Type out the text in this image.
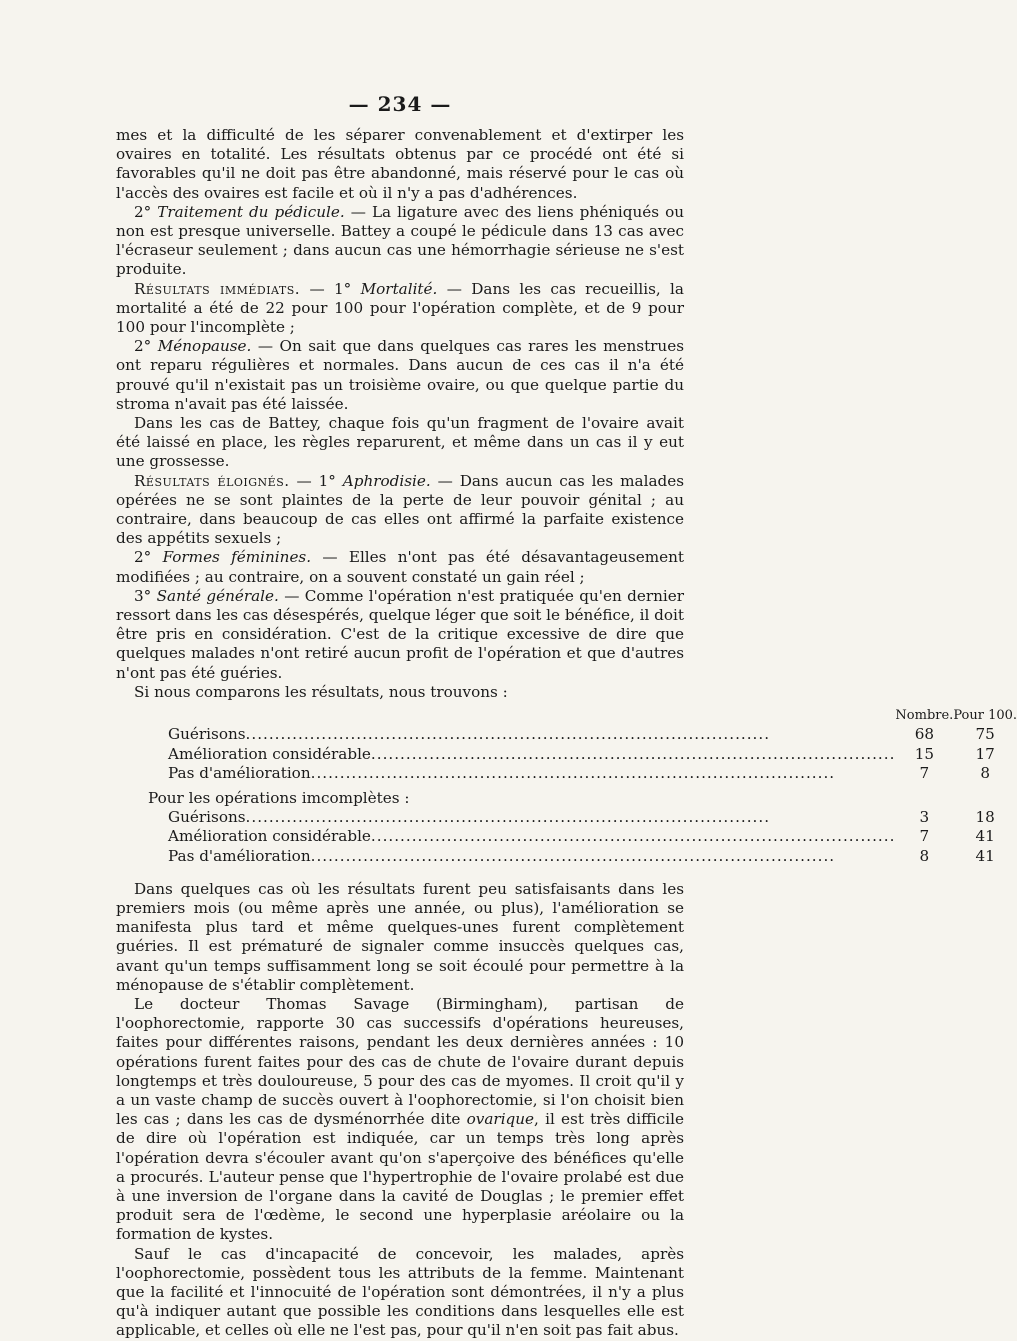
— 234 —

mes et la difficulté de les séparer convenablement et d'extirper les ovaires en totalité. Les résultats obtenus par ce procédé ont été si favorables qu'il ne doit pas être abandonné, mais réservé pour le cas où l'accès des ovaires est facile et où il n'y a pas d'adhérences.

2° Traitement du pédicule. — La ligature avec des liens phéniqués ou non est presque universelle. Battey a coupé le pédicule dans 13 cas avec l'écraseur seulement ; dans aucun cas une hémorrhagie sérieuse ne s'est produite.

Résultats immédiats. — 1° Mortalité. — Dans les cas recueillis, la mortalité a été de 22 pour 100 pour l'opération complète, et de 9 pour 100 pour l'incomplète ;

2° Ménopause. — On sait que dans quelques cas rares les menstrues ont reparu régulières et normales. Dans aucun de ces cas il n'a été prouvé qu'il n'existait pas un troisième ovaire, ou que quelque partie du stroma n'avait pas été laissée.

Dans les cas de Battey, chaque fois qu'un fragment de l'ovaire avait été laissé en place, les règles reparurent, et même dans un cas il y eut une grossesse.

Résultats éloignés. — 1° Aphrodisie. — Dans aucun cas les malades opérées ne se sont plaintes de la perte de leur pouvoir génital ; au contraire, dans beaucoup de cas elles ont affirmé la parfaite existence des appétits sexuels ;

2° Formes féminines. — Elles n'ont pas été désavantageusement modifiées ; au contraire, on a souvent constaté un gain réel ;

3° Santé générale. — Comme l'opération n'est pratiquée qu'en dernier ressort dans les cas désespérés, quelque léger que soit le bénéfice, il doit être pris en considération. C'est de la critique excessive de dire que quelques malades n'ont retiré aucun profit de l'opération et que d'autres n'ont pas été guéries.

Si nous comparons les résultats, nous trouvons :

	Nombre.	Pour 100.

Guérisons ..........................................................................................	68	75

Amélioration considérable ..........................................................................................	15	17

Pas d'amélioration ..........................................................................................	7	8
Pour les opérations imcomplètes :		

Guérisons ..........................................................................................	3	18

Amélioration considérable ..........................................................................................	7	41

Pas d'amélioration ..........................................................................................	8	41

Dans quelques cas où les résultats furent peu satisfaisants dans les premiers mois (ou même après une année, ou plus), l'amélioration se manifesta plus tard et même quelques-unes furent complètement guéries. Il est prématuré de signaler comme insuccès quelques cas, avant qu'un temps suffisamment long se soit écoulé pour permettre à la ménopause de s'établir complètement.

Le docteur Thomas Savage (Birmingham), partisan de l'oophorectomie, rapporte 30 cas successifs d'opérations heureuses, faites pour différentes raisons, pendant les deux dernières années : 10 opérations furent faites pour des cas de chute de l'ovaire durant depuis longtemps et très douloureuse, 5 pour des cas de myomes. Il croit qu'il y a un vaste champ de succès ouvert à l'oophorectomie, si l'on choisit bien les cas ; dans les cas de dysménorrhée dite ovarique, il est très difficile de dire où l'opération est indiquée, car un temps très long après l'opération devra s'écouler avant qu'on s'aperçoive des bénéfices qu'elle a procurés. L'auteur pense que l'hypertrophie de l'ovaire prolabé est due à une inversion de l'organe dans la cavité de Douglas ; le premier effet produit sera de l'œdème, le second une hyperplasie aréolaire ou la formation de kystes.

Sauf le cas d'incapacité de concevoir, les malades, après l'oophorectomie, possèdent tous les attributs de la femme. Maintenant que la facilité et l'innocuité de l'opération sont démontrées, il n'y a plus qu'à indiquer autant que possible les conditions dans lesquelles elle est applicable, et celles où elle ne l'est pas, pour qu'il n'en soit pas fait abus.
